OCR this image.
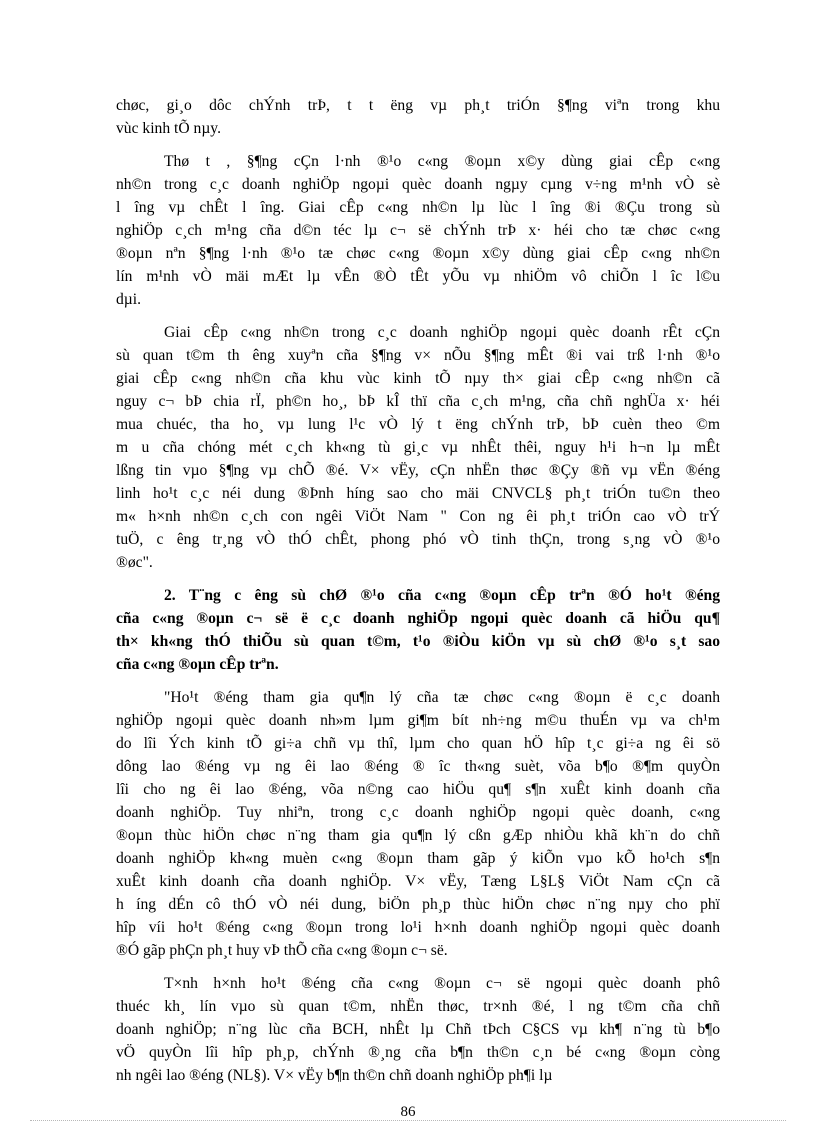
chøc, gi¸o dôc chÝnh trÞ, t t ëng vµ ph¸t triÓn §¶ng viªn trong khu
vùc kinh tÕ nµy.
Thø t , §¶ng cÇn l·nh ®¹o c«ng ®oµn x©y dùng giai cÊp c«ng
nh©n trong c¸c doanh nghiÖp ngoµi quèc doanh ngµy cµng v÷ng m¹nh vÒ sè
l îng vµ chÊt l îng. Giai cÊp c«ng nh©n lµ lùc l îng ®i ®Çu trong sù
nghiÖp c¸ch m¹ng cña d©n téc lµ c¬ së chÝnh trÞ x· héi cho tæ chøc c«ng
®oµn nªn §¶ng l·nh ®¹o tæ chøc c«ng ®oµn x©y dùng giai cÊp c«ng nh©n
lín m¹nh vÒ mäi mÆt lµ vÊn ®Ò tÊt yÕu vµ nhiÖm vô chiÕn l îc l©u
dµi.
Giai cÊp c«ng nh©n trong c¸c doanh nghiÖp ngoµi quèc doanh rÊt cÇn
sù quan t©m th êng xuyªn cña §¶ng v× nÕu §¶ng mÊt ®i vai trß l·nh ®¹o
giai cÊp c«ng nh©n cña khu vùc kinh tÕ nµy th× giai cÊp c«ng nh©n cã
nguy c¬ bÞ chia rÏ, ph©n ho¸, bÞ kÎ thï cña c¸ch m¹ng, cña chñ nghÜa x· héi
mua chuéc, tha ho¸ vµ lung l¹c vÒ lý t ëng chÝnh trÞ, bÞ cuèn theo ©m
m u cña chóng mét c¸ch kh«ng tù gi¸c vµ nhÊt thêi, nguy h¹i h¬n lµ mÊt
lßng tin vµo §¶ng vµ chÕ ®é. V× vËy, cÇn nhËn thøc ®Çy ®ñ vµ vËn ®éng
linh ho¹t c¸c néi dung ®Þnh híng sao cho mäi CNVCL§ ph¸t triÓn tu©n theo
m« h×nh nh©n c¸ch con ngêi ViÖt Nam " Con ng êi ph¸t triÓn cao vÒ trÝ
tuÖ, c êng tr¸ng vÒ thÓ chÊt, phong phó vÒ tinh thÇn, trong s¸ng vÒ ®¹o
®øc".
2. T¨ng c êng sù chØ ®¹o cña c«ng ®oµn cÊp trªn ®Ó ho¹t ®éng
cña c«ng ®oµn c¬ së ë c¸c doanh nghiÖp ngoµi quèc doanh cã hiÖu qu¶
th× kh«ng thÓ thiÕu sù quan t©m, t¹o ®iÒu kiÖn vµ sù chØ ®¹o s¸t sao
cña c«ng ®oµn cÊp trªn.
"Ho¹t ®éng tham gia qu¶n lý cña tæ chøc c«ng ®oµn ë c¸c doanh
nghiÖp ngoµi quèc doanh nh»m lµm gi¶m bít nh÷ng m©u thuÉn vµ va ch¹m
do lîi Ých kinh tÕ gi÷a chñ vµ thî, lµm cho quan hÖ hîp t¸c gi÷a ng êi sö
dông lao ®éng vµ ng êi lao ®éng ® îc th«ng suèt, võa b¶o ®¶m quyÒn
lîi cho ng êi lao ®éng, võa n©ng cao hiÖu qu¶ s¶n xuÊt kinh doanh cña
doanh nghiÖp. Tuy nhiªn, trong c¸c doanh nghiÖp ngoµi quèc doanh, c«ng
®oµn thùc hiÖn chøc n¨ng tham gia qu¶n lý cßn gÆp nhiÒu khã kh¨n do chñ
doanh nghiÖp kh«ng muèn c«ng ®oµn tham gãp ý kiÕn vµo kÕ ho¹ch s¶n
xuÊt kinh doanh cña doanh nghiÖp. V× vËy, Tæng L§L§ ViÖt Nam cÇn cã
h íng dÉn cô thÓ vÒ néi dung, biÖn ph¸p thùc hiÖn chøc n¨ng nµy cho phï
hîp víi ho¹t ®éng c«ng ®oµn trong lo¹i h×nh doanh nghiÖp ngoµi quèc doanh
®Ó gãp phÇn ph¸t huy vÞ thÕ cña c«ng ®oµn c¬ së.
T×nh h×nh ho¹t ®éng cña c«ng ®oµn c¬ së ngoµi quèc doanh phô
thuéc kh¸ lín vµo sù quan t©m, nhËn thøc, tr×nh ®é, l ng t©m cña chñ
doanh nghiÖp; n¨ng lùc cña BCH, nhÊt lµ Chñ tÞch C§CS vµ kh¶ n¨ng tù b¶o
vÖ quyÒn lîi hîp ph¸p, chÝnh ®¸ng cña b¶n th©n c¸n bé c«ng ®oµn còng
nh ngêi lao ®éng (NL§). V× vËy b¶n th©n chñ doanh nghiÖp ph¶i lµ
86
